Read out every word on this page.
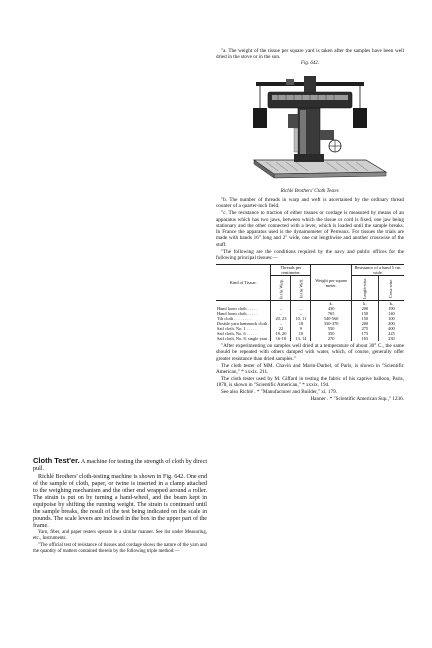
"a. The weight of the tissue per square yard is taken after the samples have been well dried in the stove or in the sun.

Fig. 642.
Richlé Brothers' Cloth Tester.

"b. The number of threads in warp and weft is ascertained by the ordinary thread counter of a quarter-inch field.

"c. The resistance to traction of either tissues or cordage is measured by means of an apparatus which has two jaws, between which the tissue or cord is fixed, one jaw being stationary and the other connected with a lever, which is loaded until the sample breaks. In France the apparatus used is the dynamometer of Perreaux. For tissues the trials are made with bands 16" long and 2" wide, one cut lengthwise and another crosswise of the stuff.

"The following are the conditions required by the navy and public offices for the following principal tissues:—

Kind of Tissue.	Threads per centimeter.		Weight per square meter.	Resistance of a band 5 cm. wide.	
	In the Warp.	In the Weft.		Length-wise.	Cross-wise.
			k.	k.	k.
Hand loom cloth . . . . .	–	–	430	200	190
Hand loom cloth . . . . .	–	–	765	150	140
Tilt cloth . . . . . . . .	20, 23	10, 11	540-560	150	100
Double yarn hammock cloth .	–	18	330-370	200	200
Sail cloth, No. 1 . . . . .	22	9	550	275	400
Sail cloth, No. 6 . . . . .	18, 20	10	350	175	225
Sail cloth, No. 8, single yarn .	16-18	13, 14	270	165	230

"After experimenting on samples well dried at a temperature of about 30° C., the same should be repeated with others damped with water, which, of course, generally offer greater resistance than dried samples."

The cloth tester of MM. Chavin and Marin-Darbel, of Paris, is shown in "Scientific American," * xxxix. 211.

The cloth tester used by M. Giffard in testing the fabric of his captive balloon, Paris, 1878, is shown in "Scientific American," * xxxix. 194.

See also Richlé . * "Manufacturer and Builder," xi. 179.

Hanner . * "Scientific American Sup.," 1236.

Cloth Test'er. A machine for testing the strength of cloth by direct pull.

Richlé Brothers' cloth-testing machine is shown in Fig. 642. One end of the sample of cloth, paper, or twine is inserted in a clamp attached to the weighing mechanism and the other end wrapped around a roller. The strain is put on by turning a hand-wheel, and the beam kept in equipoise by shifting the running weight. The strain is continued until the sample breaks, the result of the test being indicated on the scale in pounds. The scale levers are inclosed in the box in the upper part of the frame.

Yarn, fiber, and paper testers operate in a similar manner. See list under Measuring, etc., Instruments.

"The official test of resistance of tissues and cordage shows the nature of the yarn and the quantity of matters contained therein by the following triple method:—
